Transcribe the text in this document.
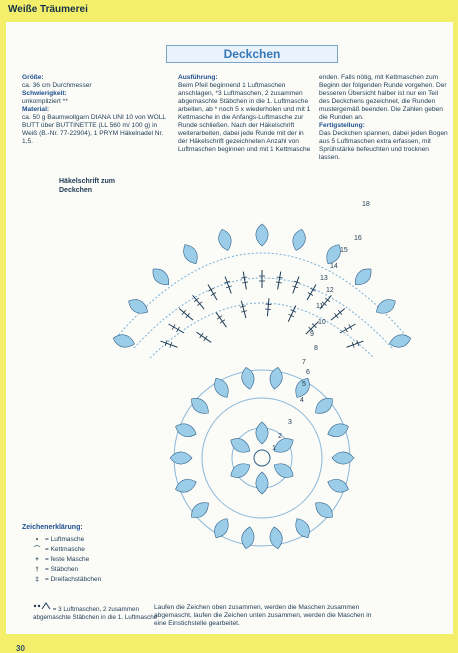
Weiße Träumerei
Deckchen

Größe:

ca. 36 cm Durchmesser

Schwierigkeit:

unkompliziert **

Material:

ca. 50 g Baumwollgarn DIANA UNI 10 von WOLL BUTT über BUTTINETTE (LL 560 m/ 100 g) in Weiß (B.-Nr. 77-22904), 1 PRYM Häkelnadel Nr. 1,5.

Ausführung:

Beim Pfeil beginnend 1 Luftmaschen anschlagen, *3 Luftmaschen, 2 zusammen abgemaschte Stäbchen in die 1. Luftmasche arbeiten, ab * noch 5 x wiederholen und mit 1 Kettmasche in die Anfangs-Luftmasche zur Runde schließen. Nach der Häkelschrift weiterarbeiten, dabei jede Runde mit der in der Häkelschrift gezeichneten Anzahl von Luftmaschen beginnen und mit 1 Kettmasche

enden. Falls nötig, mit Kettmaschen zum Beginn der folgenden Runde vorgehen. Der besseren Übersicht halber ist nur ein Teil des Deckchens gezeichnet, die Runden mustergemäß beenden. Die Zahlen geben die Runden an.

Fertigstellung:

Das Deckchen spannen, dabei jeden Bogen aus 5 Luftmaschen extra erfassen, mit Sprühstärke befeuchten und trocknen lassen.

Häkelschrift zum Deckchen
18
16
15
14
13
12
11
10
9
8
7
6
5
4
3
2
1
Zeichenerklärung:
•	= Luftmasche
⌒ = Kettmasche
+ = feste Masche
† = Stäbchen
‡ = Dreifachstäbchen
= 3 Luftmaschen, 2 zusammen abgemaschte Stäbchen in die 1. Luftmasche
Laufen die Zeichen oben zusammen, werden die Maschen zusammen abgemascht, laufen die Zeichen unten zusammen, werden die Maschen in eine Einstichstelle gearbeitet.
30
